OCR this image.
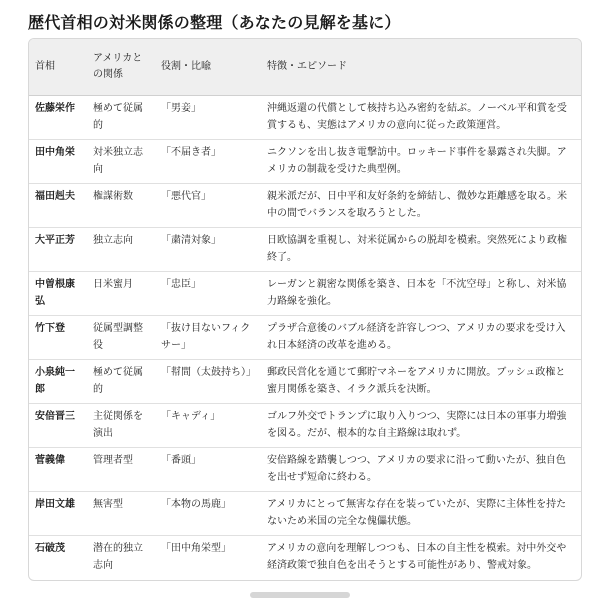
歴代首相の対米関係の整理（あなたの見解を基に）
首相	アメリカとの関係	役割・比喩	特徴・エピソード
佐藤栄作	極めて従属的	「男妾」	沖縄返還の代償として核持ち込み密約を結ぶ。ノーベル平和賞を受賞するも、実態はアメリカの意向に従った政策運営。
田中角栄	対米独立志向	「不届き者」	ニクソンを出し抜き電撃訪中。ロッキード事件を暴露され失脚。アメリカの制裁を受けた典型例。
福田赳夫	権謀術数	「悪代官」	親米派だが、日中平和友好条約を締結し、微妙な距離感を取る。米中の間でバランスを取ろうとした。
大平正芳	独立志向	「粛清対象」	日欧協調を重視し、対米従属からの脱却を模索。突然死により政権終了。
中曽根康弘	日米蜜月	「忠臣」	レーガンと親密な関係を築き、日本を「不沈空母」と称し、対米協力路線を強化。
竹下登	従属型調整役	「抜け目ないフィクサー」	プラザ合意後のバブル経済を許容しつつ、アメリカの要求を受け入れ日本経済の改革を進める。
小泉純一郎	極めて従属的	「幇間（太鼓持ち）」	郵政民営化を通じて郵貯マネーをアメリカに開放。ブッシュ政権と蜜月関係を築き、イラク派兵を決断。
安倍晋三	主従関係を演出	「キャディ」	ゴルフ外交でトランプに取り入りつつ、実際には日本の軍事力増強を図る。だが、根本的な自主路線は取れず。
菅義偉	管理者型	「番頭」	安倍路線を踏襲しつつ、アメリカの要求に沿って動いたが、独自色を出せず短命に終わる。
岸田文雄	無害型	「本物の馬鹿」	アメリカにとって無害な存在を装っていたが、実際に主体性を持たないため米国の完全な傀儡状態。
石破茂	潜在的独立志向	「田中角栄型」	アメリカの意向を理解しつつも、日本の自主性を模索。対中外交や経済政策で独自色を出そうとする可能性があり、警戒対象。
